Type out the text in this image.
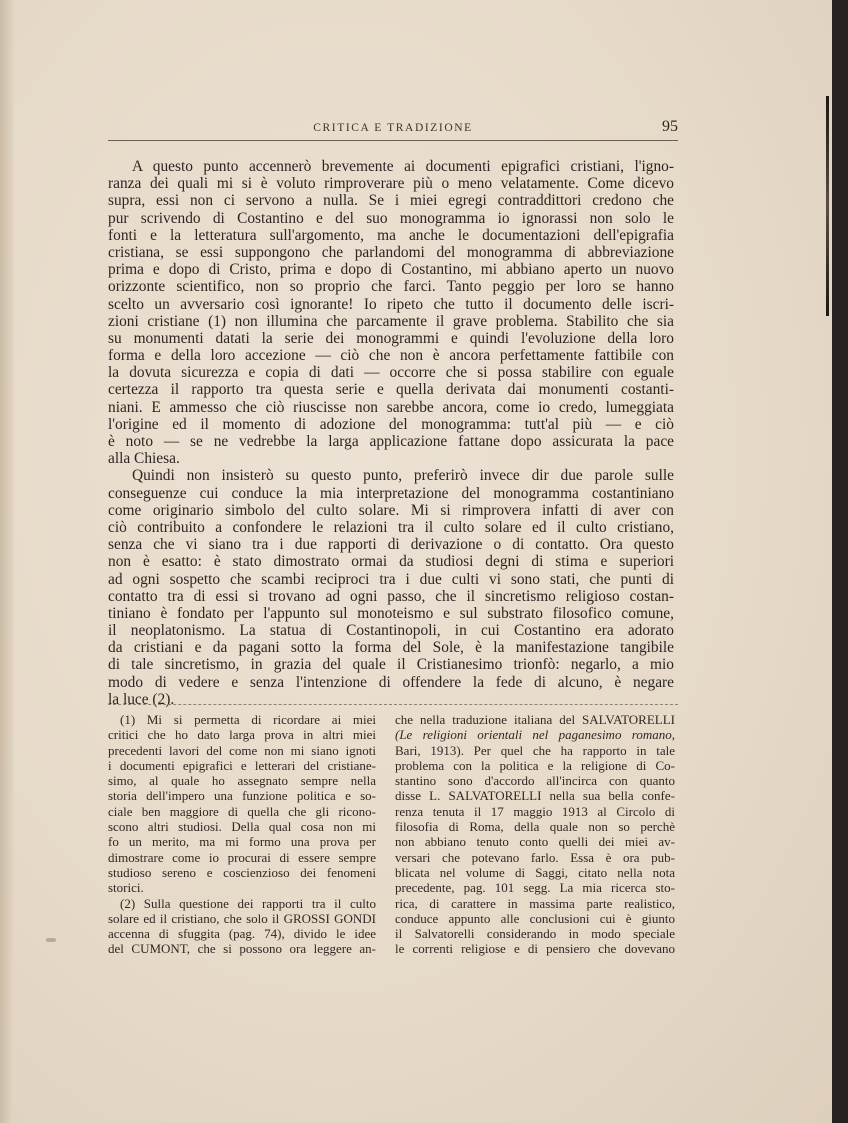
CRITICA E TRADIZIONE	95
A questo punto accennerò brevemente ai documenti epigrafici cristiani, l'igno-
ranza dei quali mi si è voluto rimproverare più o meno velatamente. Come dicevo
supra, essi non ci servono a nulla. Se i miei egregi contraddittori credono che
pur scrivendo di Costantino e del suo monogramma io ignorassi non solo le
fonti e la letteratura sull'argomento, ma anche le documentazioni dell'epigrafia
cristiana, se essi suppongono che parlandomi del monogramma di abbreviazione
prima e dopo di Cristo, prima e dopo di Costantino, mi abbiano aperto un nuovo
orizzonte scientifico, non so proprio che farci. Tanto peggio per loro se hanno
scelto un avversario così ignorante! Io ripeto che tutto il documento delle iscri-
zioni cristiane (1) non illumina che parcamente il grave problema. Stabilito che sia
su monumenti datati la serie dei monogrammi e quindi l'evoluzione della loro
forma e della loro accezione — ciò che non è ancora perfettamente fattibile con
la dovuta sicurezza e copia di dati — occorre che si possa stabilire con eguale
certezza il rapporto tra questa serie e quella derivata dai monumenti costanti-
niani. E ammesso che ciò riuscisse non sarebbe ancora, come io credo, lumeggiata
l'origine ed il momento di adozione del monogramma: tutt'al più — e ciò
è noto — se ne vedrebbe la larga applicazione fattane dopo assicurata la pace
alla Chiesa.
Quindi non insisterò su questo punto, preferirò invece dir due parole sulle
conseguenze cui conduce la mia interpretazione del monogramma costantiniano
come originario simbolo del culto solare. Mi si rimprovera infatti di aver con
ciò contribuito a confondere le relazioni tra il culto solare ed il culto cristiano,
senza che vi siano tra i due rapporti di derivazione o di contatto. Ora questo
non è esatto: è stato dimostrato ormai da studiosi degni di stima e superiori
ad ogni sospetto che scambi reciproci tra i due culti vi sono stati, che punti di
contatto tra di essi si trovano ad ogni passo, che il sincretismo religioso costan-
tiniano è fondato per l'appunto sul monoteismo e sul substrato filosofico comune,
il neoplatonismo. La statua di Costantinopoli, in cui Costantino era adorato
da cristiani e da pagani sotto la forma del Sole, è la manifestazione tangibile
di tale sincretismo, in grazia del quale il Cristianesimo trionfò: negarlo, a mio
modo di vedere e senza l'intenzione di offendere la fede di alcuno, è negare
la luce (2).
(1) Mi si permetta di ricordare ai miei
critici che ho dato larga prova in altri miei
precedenti lavori del come non mi siano ignoti
i documenti epigrafici e letterari del cristiane-
simo, al quale ho assegnato sempre nella
storia dell'impero una funzione politica e so-
ciale ben maggiore di quella che gli ricono-
scono altri studiosi. Della qual cosa non mi
fo un merito, ma mi formo una prova per
dimostrare come io procurai di essere sempre
studioso sereno e coscienzioso dei fenomeni
storici.
(2) Sulla questione dei rapporti tra il culto
solare ed il cristiano, che solo il GROSSI GONDI
accenna di sfuggita (pag. 74), divido le idee
del CUMONT, che si possono ora leggere an-
che nella traduzione italiana del SALVATORELLI
(Le religioni orientali nel paganesimo romano,
Bari, 1913). Per quel che ha rapporto in tale
problema con la politica e la religione di Co-
stantino sono d'accordo all'incirca con quanto
disse L. SALVATORELLI nella sua bella confe-
renza tenuta il 17 maggio 1913 al Circolo di
filosofia di Roma, della quale non so perchè
non abbiano tenuto conto quelli dei miei av-
versari che potevano farlo. Essa è ora pub-
blicata nel volume di Saggi, citato nella nota
precedente, pag. 101 segg. La mia ricerca sto-
rica, di carattere in massima parte realistico,
conduce appunto alle conclusioni cui è giunto
il Salvatorelli considerando in modo speciale
le correnti religiose e di pensiero che dovevano
